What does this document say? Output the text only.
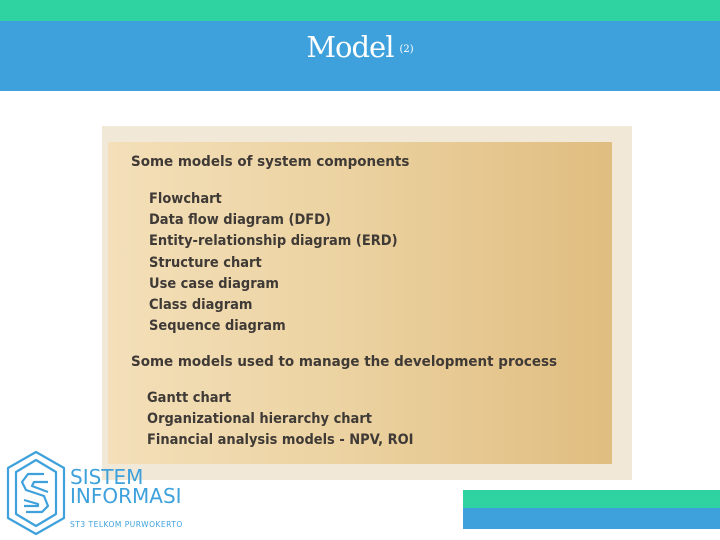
Model (2)
Some models of system components
Flowchart
Data flow diagram (DFD)
Entity-relationship diagram (ERD)
Structure chart
Use case diagram
Class diagram
Sequence diagram
Some models used to manage the development process
Gantt chart
Organizational hierarchy chart
Financial analysis models - NPV, ROI
SISTEM
INFORMASI
ST3 TELKOM PURWOKERTO
